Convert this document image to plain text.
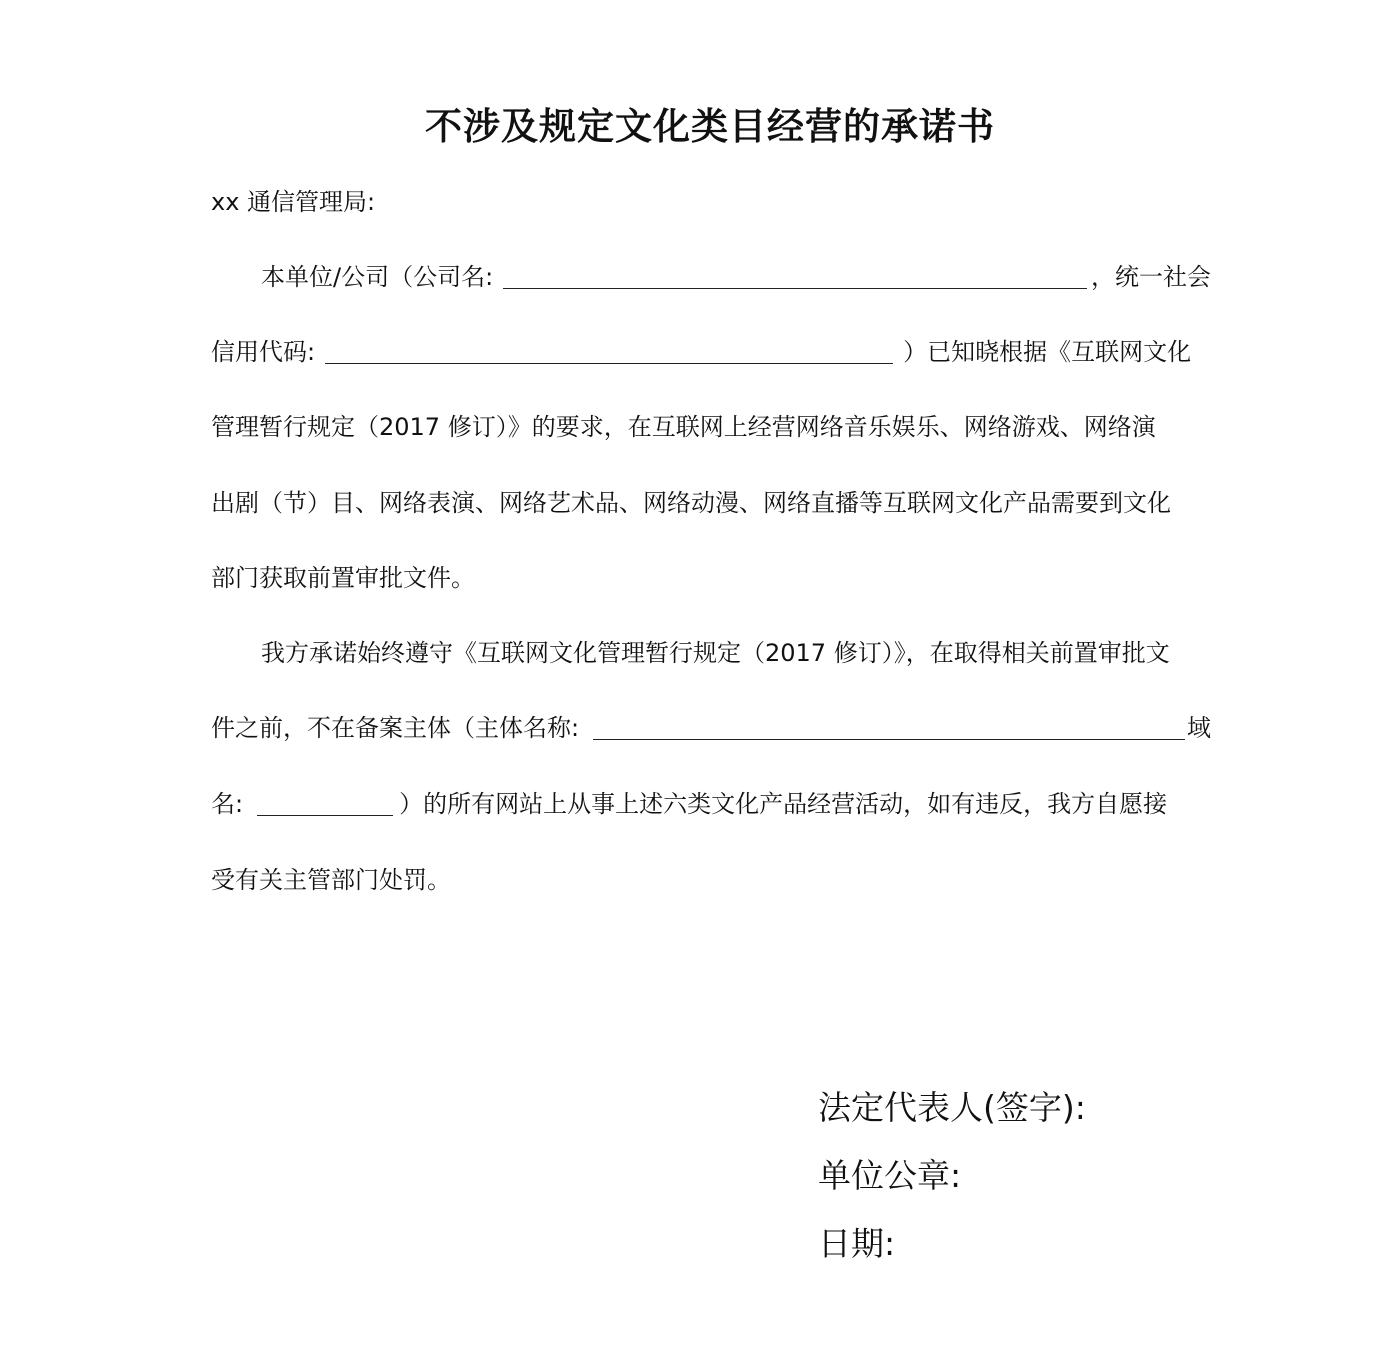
不涉及规定文化类目经营的承诺书
xx 通信管理局:
本单位/公司（公司名:	，统一社会
信用代码:	）已知晓根据《互联网文化
管理暂行规定（2017 修订）》的要求，在互联网上经营网络音乐娱乐、网络游戏、网络演
出剧（节）目、网络表演、网络艺术品、网络动漫、网络直播等互联网文化产品需要到文化
部门获取前置审批文件。
我方承诺始终遵守《互联网文化管理暂行规定（2017 修订）》，在取得相关前置审批文
件之前，不在备案主体（主体名称:	域
名:	）的所有网站上从事上述六类文化产品经营活动，如有违反，我方自愿接
受有关主管部门处罚。
法定代表人(签字):
单位公章:
日期:
